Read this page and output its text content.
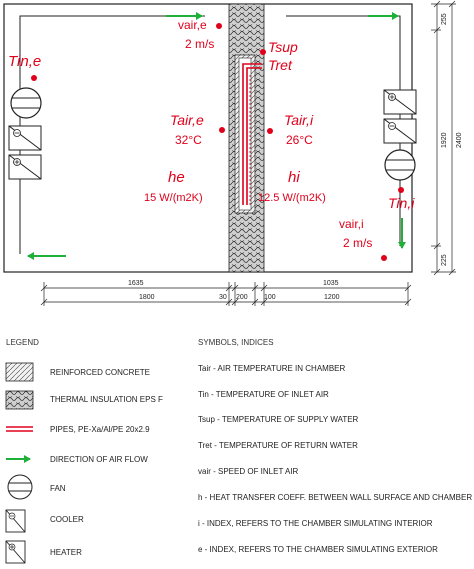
Tin,e
vair,e
2 m/s	Tsup
Tret
Tair,e
32°C
Tair,i
26°C
he
15 W/(m2K)
hi
12.5 W/(m2K)	Tin,i
vair,i
2 m/s
1635	1035
1800	30 200 100	1200
255
1920 2400
225
LEGEND
REINFORCED CONCRETE
THERMAL INSULATION EPS F
PIPES, PE-Xa/Al/PE 20x2.9
DIRECTION OF AIR FLOW
FAN
COOLER
HEATER
SYMBOLS, INDICES
Tair - AIR TEMPERATURE IN CHAMBER
Tin - TEMPERATURE OF INLET AIR
Tsup - TEMPERATURE OF SUPPLY WATER
Tret - TEMPERATURE OF RETURN WATER
vair - SPEED OF INLET AIR
h - HEAT TRANSFER COEFF. BETWEEN WALL SURFACE AND CHAMBER
i - INDEX, REFERS TO THE CHAMBER SIMULATING INTERIOR
e - INDEX, REFERS TO THE CHAMBER SIMULATING EXTERIOR
